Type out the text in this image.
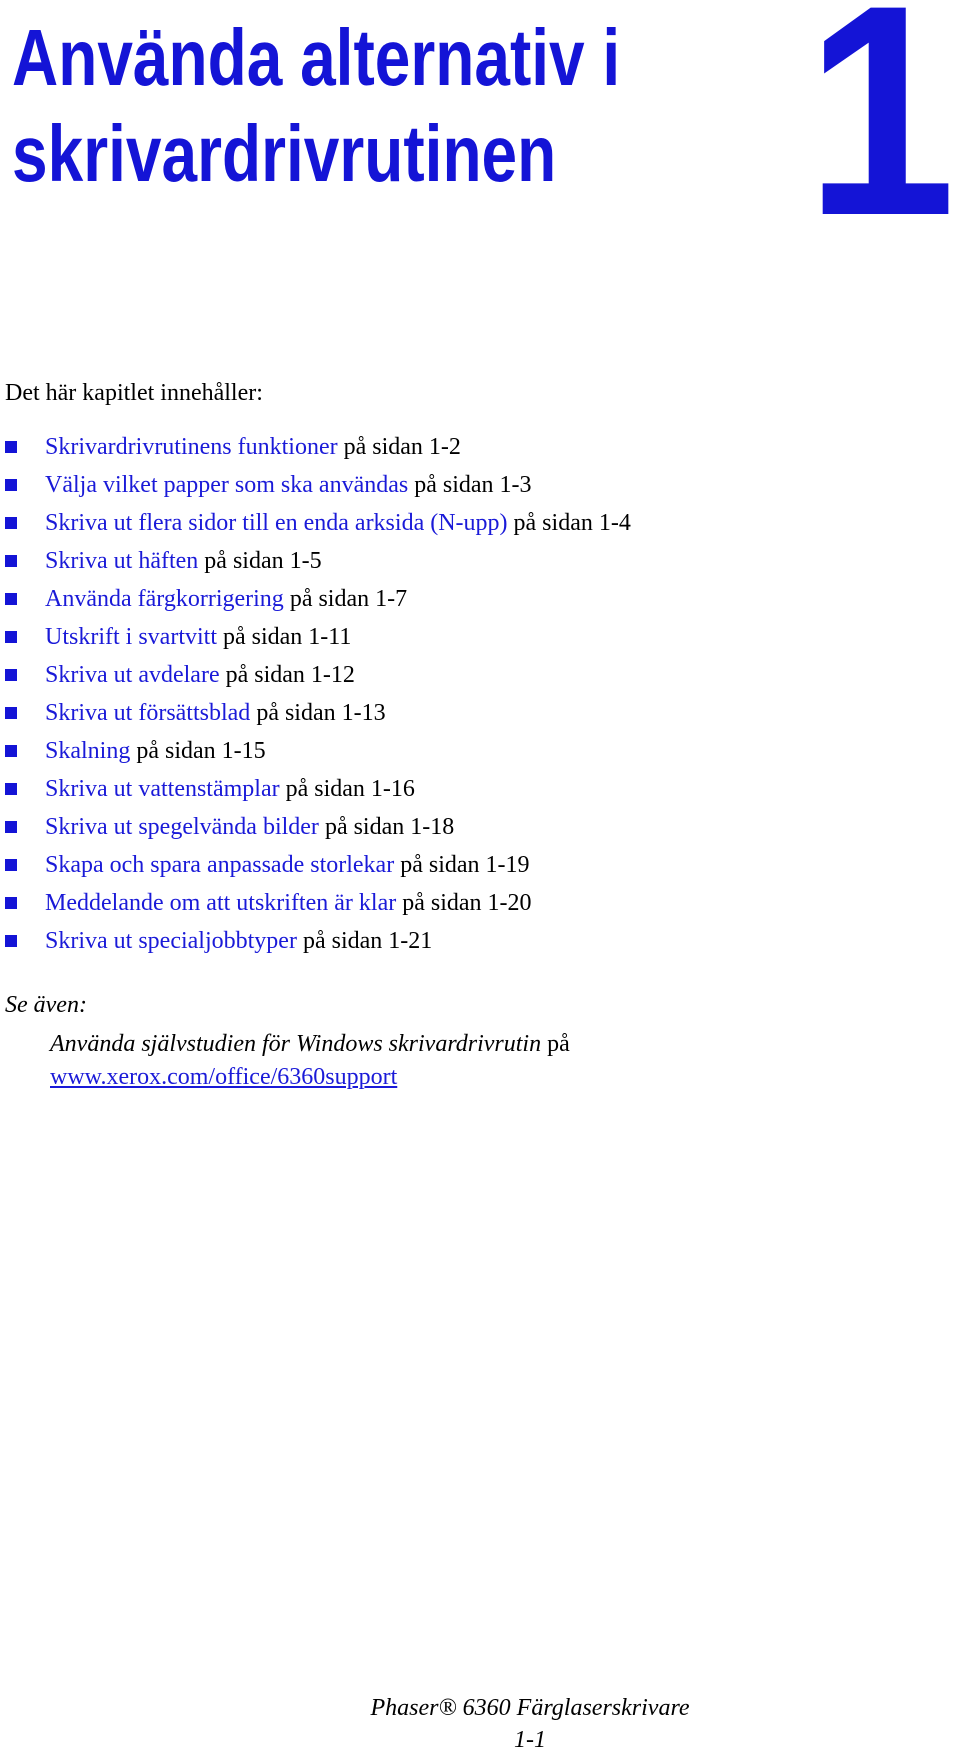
Använda alternativ i
skrivardrivrutinen 1

Det här kapitlet innehåller:

Skrivardrivrutinens funktioner på sidan 1-2
Välja vilket papper som ska användas på sidan 1-3
Skriva ut flera sidor till en enda arksida (N-upp) på sidan 1-4
Skriva ut häften på sidan 1-5
Använda färgkorrigering på sidan 1-7
Utskrift i svartvitt på sidan 1-11
Skriva ut avdelare på sidan 1-12
Skriva ut försättsblad på sidan 1-13
Skalning på sidan 1-15
Skriva ut vattenstämplar på sidan 1-16
Skriva ut spegelvända bilder på sidan 1-18
Skapa och spara anpassade storlekar på sidan 1-19
Meddelande om att utskriften är klar på sidan 1-20
Skriva ut specialjobbtyper på sidan 1-21

Se även:

Använda självstudien för Windows skrivardrivrutin på
www.xerox.com/office/6360support
Phaser® 6360 Färglaserskrivare
1-1
